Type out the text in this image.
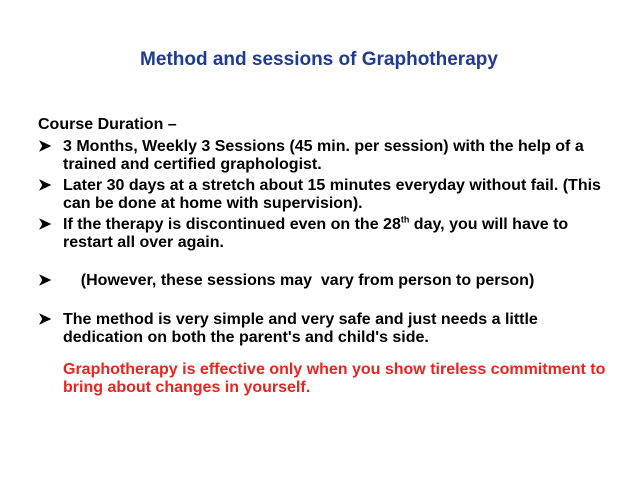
Method and sessions of Graphotherapy
Course Duration –
➤ 3 Months, Weekly 3 Sessions (45 min. per session) with the help of a trained and certified graphologist.
➤ Later 30 days at a stretch about 15 minutes everyday without fail. (This can be done at home with supervision).
➤ If the therapy is discontinued even on the 28th day, you will have to restart all over again.
➤ (However, these sessions may  vary from person to person)
➤ The method is very simple and very safe and just needs a little dedication on both the parent's and child's side.
Graphotherapy is effective only when you show tireless commitment to bring about changes in yourself.
